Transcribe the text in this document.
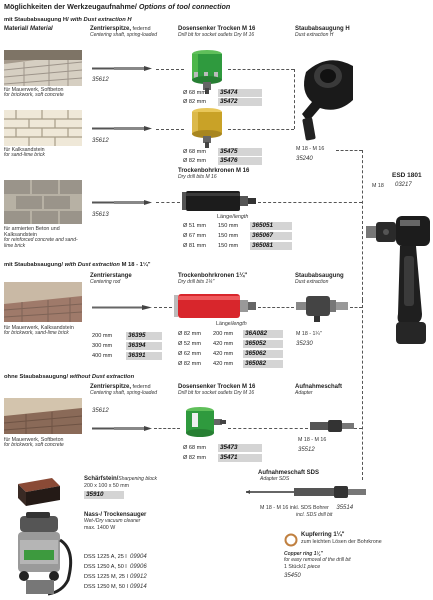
Möglichkeiten der Werkzeugaufnahme/ Options of tool connection
mit Staubabsaugung H/ with Dust extraction H
Material/ Material	Zentrierspitze, federnd
Centering shaft, spring-loaded
Dosensenker Trocken M 16
Drill bit for socket outlets Dry M 16
Staubabsaugung H
Dust extraction H
für Mauerwerk, Softbeton
for brickwork, soft concrete
für Kalksandstein
for sand-lime brick
für armierten Beton und Kalksandstein
for reinforced concrete and sand-lime brick
35612
35612
35613
Ø 68 mm 35474
Ø 82 mm 35472
Ø 68 mm 35475
Ø 82 mm 35476
Trockenbohrkronen M 16
Dry drill bits M 16
Länge/length
Ø 51 mm 150 mm 365051
Ø 67 mm 150 mm 365067
Ø 81 mm 150 mm 365081
M 18 - M 16
35240
ESD 1801
03217
M 18
mit Staubabsaugung/ with Dust extraction M 18 - 1¼"
Zentrierstange
Centering rod
Trockenbohrkronen 1¼"
Dry drill bits 1¼"
Staubabsaugung
Dust extraction
für Mauerwerk, Kalksandstein
for brickwork, sand-lime brick	200 mm	36395
300 mm	36394
400 mm	36391
Länge/length
Ø 82 mm 200 mm 36A082
Ø 52 mm 420 mm 365052
Ø 62 mm 420 mm 365062
Ø 82 mm 420 mm 365082
M 18 - 1¼"
35230
ohne Staubabsaugung/ without Dust extraction
Zentrierspitze, federnd
Centering shaft, spring-loaded
Dosensenker Trocken M 16
Drill bit for socket outlets Dry M 16
Aufnahmeschaft
Adapter
für Mauerwerk, Softbeton
for brickwork, soft concrete
35612
Ø 68 mm 35473
Ø 82 mm 35471
M 18 - M 16
35512
Aufnahmeschaft SDS
Adapter SDS
M 18 - M 16 inkl. SDS Bohrer 35514
incl. SDS drill bit
Schärfstein/Sharpening block
200 x 100 x 50 mm
35910
Nass-/ Trockensauger
Wet-/Dry vacuum cleaner
max. 1400 W
DSS 1225 A, 25 l 09904
DSS 1250 A, 50 l 09906
DSS 1225 M, 25 l 09912
DSS 1250 M, 50 l 09914
Kupferring 1¼"
zum leichten Lösen der Bohrkrone
Copper ring 1¼"
for easy removal of the drill bit
1 Stück/1 piece
35450
